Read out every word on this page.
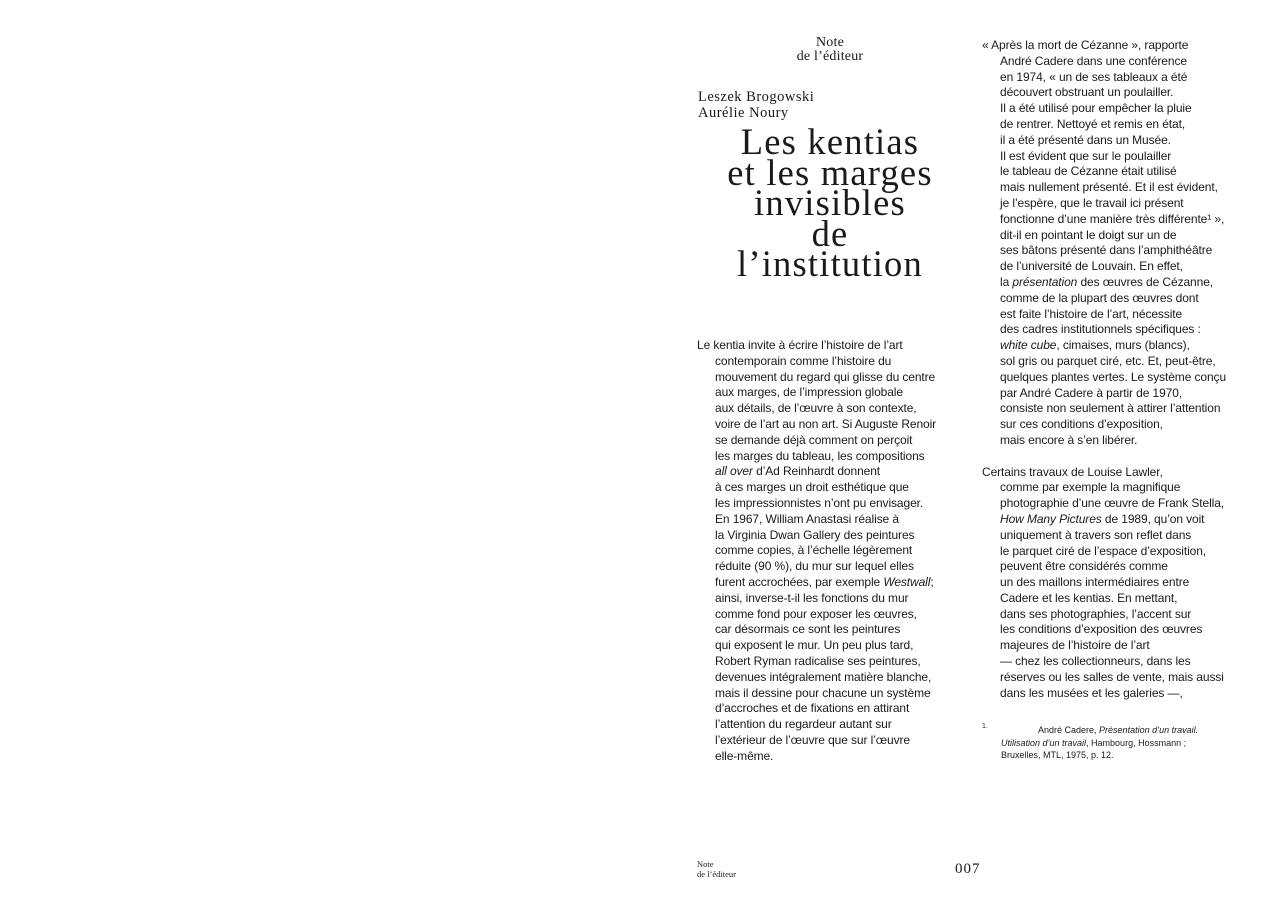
Note
de l’éditeur
Leszek Brogowski
Aurélie Noury
Les kentias
et les marges
invisibles
de
l’institution
Le kentia invite à écrire l’histoire de l’art
contemporain comme l’histoire du
mouvement du regard qui glisse du centre
aux marges, de l’impression globale
aux détails, de l’œuvre à son contexte,
voire de l’art au non art. Si Auguste Renoir
se demande déjà comment on perçoit
les marges du tableau, les compositions
all over d’Ad Reinhardt donnent
à ces marges un droit esthétique que
les impressionnistes n’ont pu envisager.
En 1967, William Anastasi réalise à
la Virginia Dwan Gallery des peintures
comme copies, à l’échelle légèrement
réduite (90 %), du mur sur lequel elles
furent accrochées, par exemple Westwall;
ainsi, inverse-t-il les fonctions du mur
comme fond pour exposer les œuvres,
car désormais ce sont les peintures
qui exposent le mur. Un peu plus tard,
Robert Ryman radicalise ses peintures,
devenues intégralement matière blanche,
mais il dessine pour chacune un système
d’accroches et de fixations en attirant
l’attention du regardeur autant sur
l’extérieur de l’œuvre que sur l’œuvre
elle-même.
« Après la mort de Cézanne », rapporte
André Cadere dans une conférence
en 1974, « un de ses tableaux a été
découvert obstruant un poulailler.
Il a été utilisé pour empêcher la pluie
de rentrer. Nettoyé et remis en état,
il a été présenté dans un Musée.
Il est évident que sur le poulailler
le tableau de Cézanne était utilisé
mais nullement présenté. Et il est évident,
je l’espère, que le travail ici présent
fonctionne d’une manière très différente¹ »,
dit-il en pointant le doigt sur un de
ses bâtons présenté dans l’amphithéâtre
de l’université de Louvain. En effet,
la présentation des œuvres de Cézanne,
comme de la plupart des œuvres dont
est faite l’histoire de l’art, nécessite
des cadres institutionnels spécifiques :
white cube, cimaises, murs (blancs),
sol gris ou parquet ciré, etc. Et, peut-être,
quelques plantes vertes. Le système conçu
par André Cadere à partir de 1970,
consiste non seulement à attirer l’attention
sur ces conditions d’exposition,
mais encore à s’en libérer.
Certains travaux de Louise Lawler,
comme par exemple la magnifique
photographie d’une œuvre de Frank Stella,
How Many Pictures de 1989, qu’on voit
uniquement à travers son reflet dans
le parquet ciré de l’espace d’exposition,
peuvent être considérés comme
un des maillons intermédiaires entre
Cadere et les kentias. En mettant,
dans ses photographies, l’accent sur
les conditions d’exposition des œuvres
majeures de l’histoire de l’art
— chez les collectionneurs, dans les
réserves ou les salles de vente, mais aussi
dans les musées et les galeries —,
1.	André Cadere, Présentation d’un travail.
Utilisation d’un travail, Hambourg, Hossmann ;
Bruxelles, MTL, 1975, p. 12.
Note
de l’éditeur	007
